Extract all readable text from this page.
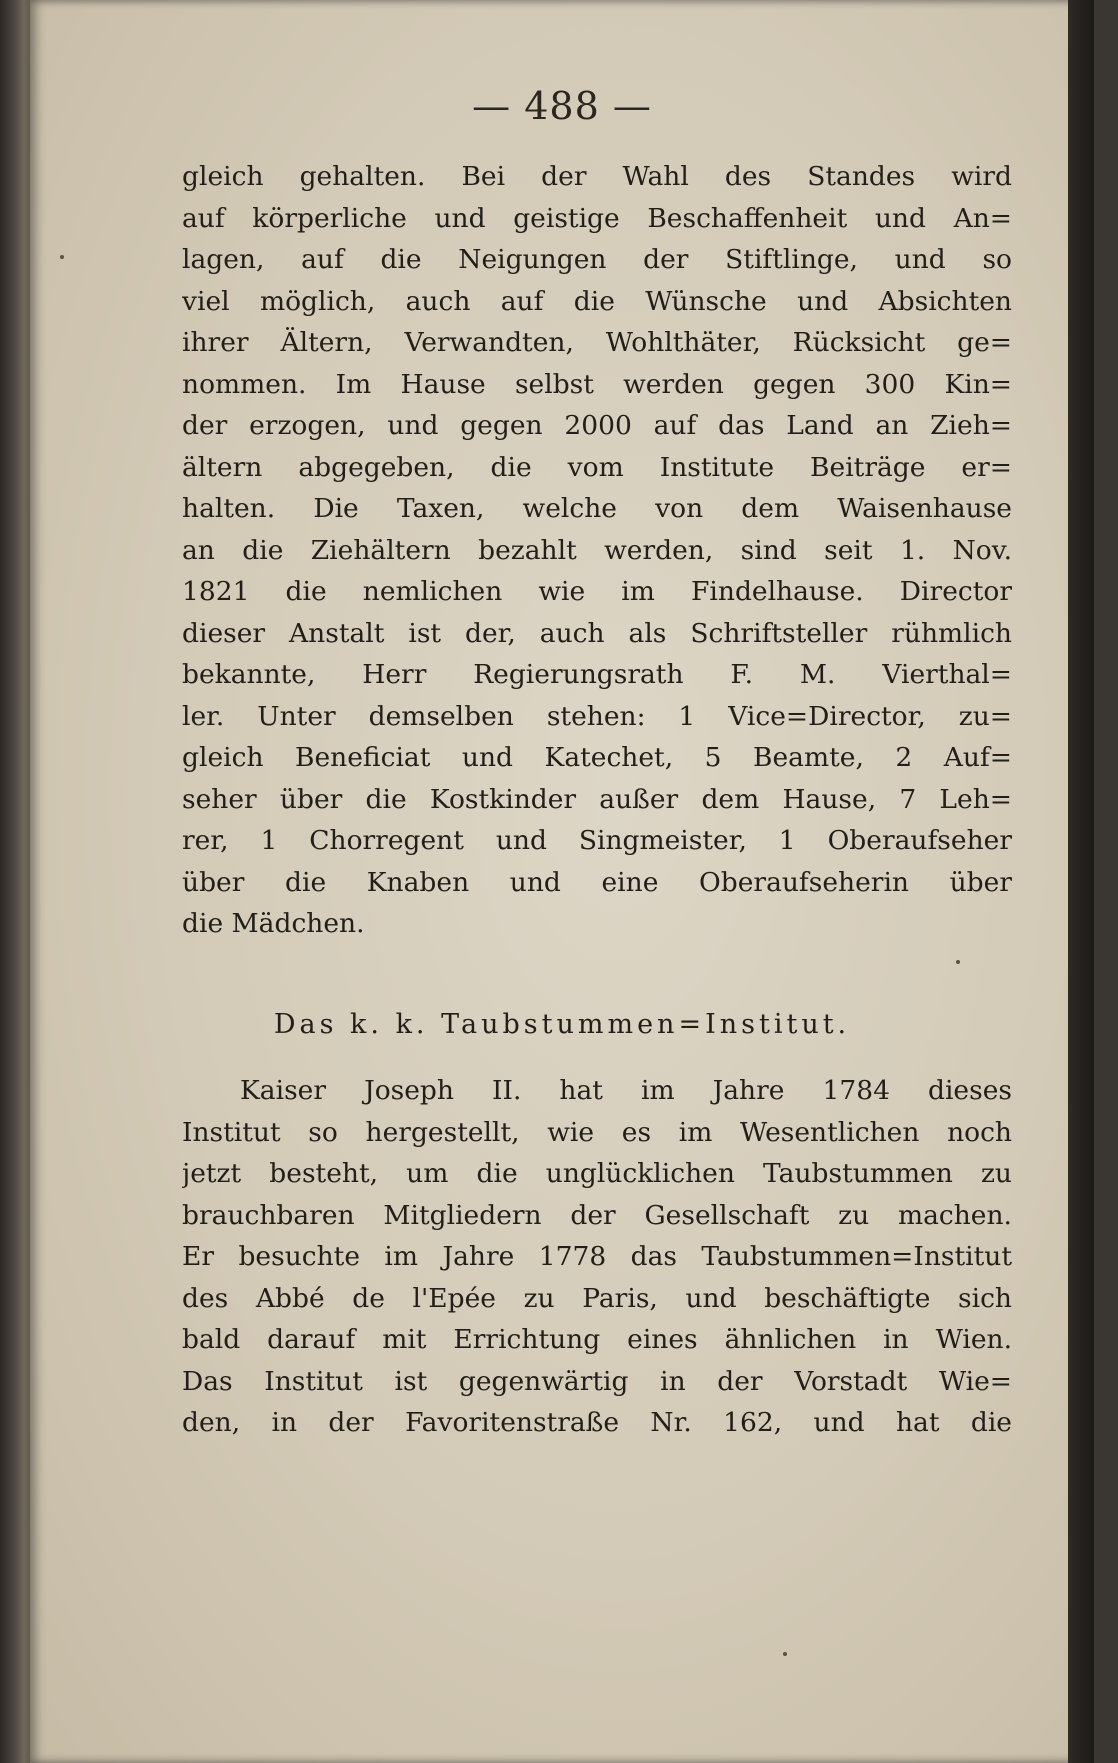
— 488 —
gleich gehalten. Bei der Wahl des Standes wird
auf körperliche und geistige Beschaffenheit und An=
lagen, auf die Neigungen der Stiftlinge, und so
viel möglich, auch auf die Wünsche und Absichten
ihrer Ältern, Verwandten, Wohlthäter, Rücksicht ge=
nommen. Im Hause selbst werden gegen 300 Kin=
der erzogen, und gegen 2000 auf das Land an Zieh=
ältern abgegeben, die vom Institute Beiträge er=
halten. Die Taxen, welche von dem Waisenhause
an die Ziehältern bezahlt werden, sind seit 1. Nov.
1821 die nemlichen wie im Findelhause. Director
dieser Anstalt ist der, auch als Schriftsteller rühmlich
bekannte, Herr Regierungsrath F. M. Vierthal=
ler. Unter demselben stehen: 1 Vice=Director, zu=
gleich Beneficiat und Katechet, 5 Beamte, 2 Auf=
seher über die Kostkinder außer dem Hause, 7 Leh=
rer, 1 Chorregent und Singmeister, 1 Oberaufseher
über die Knaben und eine Oberaufseherin über
die Mädchen.
Das k. k. Taubstummen=Institut.
Kaiser Joseph II. hat im Jahre 1784 dieses
Institut so hergestellt, wie es im Wesentlichen noch
jetzt besteht, um die unglücklichen Taubstummen zu
brauchbaren Mitgliedern der Gesellschaft zu machen.
Er besuchte im Jahre 1778 das Taubstummen=Institut
des Abbé de l'Epée zu Paris, und beschäftigte sich
bald darauf mit Errichtung eines ähnlichen in Wien.
Das Institut ist gegenwärtig in der Vorstadt Wie=
den, in der Favoritenstraße Nr. 162, und hat die
